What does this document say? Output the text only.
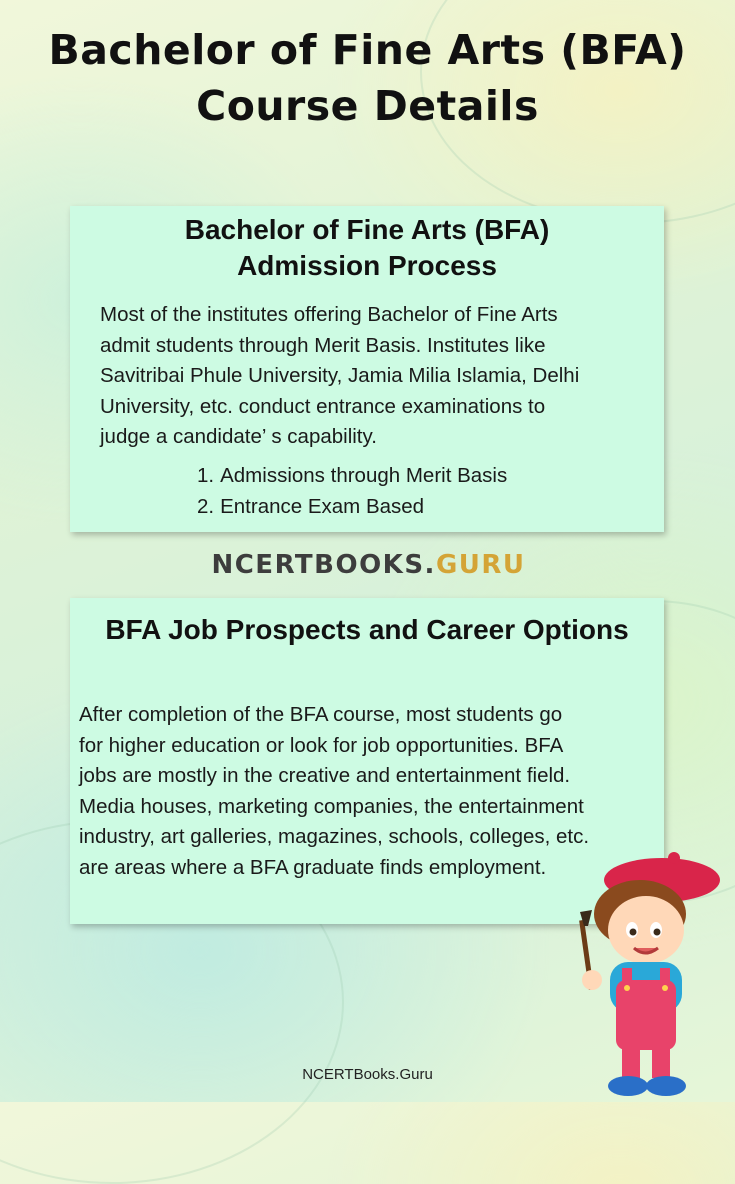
Bachelor of Fine Arts (BFA)
Course Details
Bachelor of Fine Arts (BFA)
Admission Process
Most of the institutes offering Bachelor of Fine Arts
admit students through Merit Basis. Institutes like
Savitribai Phule University, Jamia Milia Islamia, Delhi
University, etc. conduct entrance examinations to
judge a candidate’ s capability.
1. Admissions through Merit Basis
2. Entrance Exam Based
NCERTBOOKS.GURU
BFA Job Prospects and Career Options
After completion of the BFA course, most students go
for higher education or look for job opportunities. BFA
jobs are mostly in the creative and entertainment field.
Media houses, marketing companies, the entertainment
industry, art galleries, magazines, schools, colleges, etc.
are areas where a BFA graduate finds employment.
NCERTBooks.Guru
